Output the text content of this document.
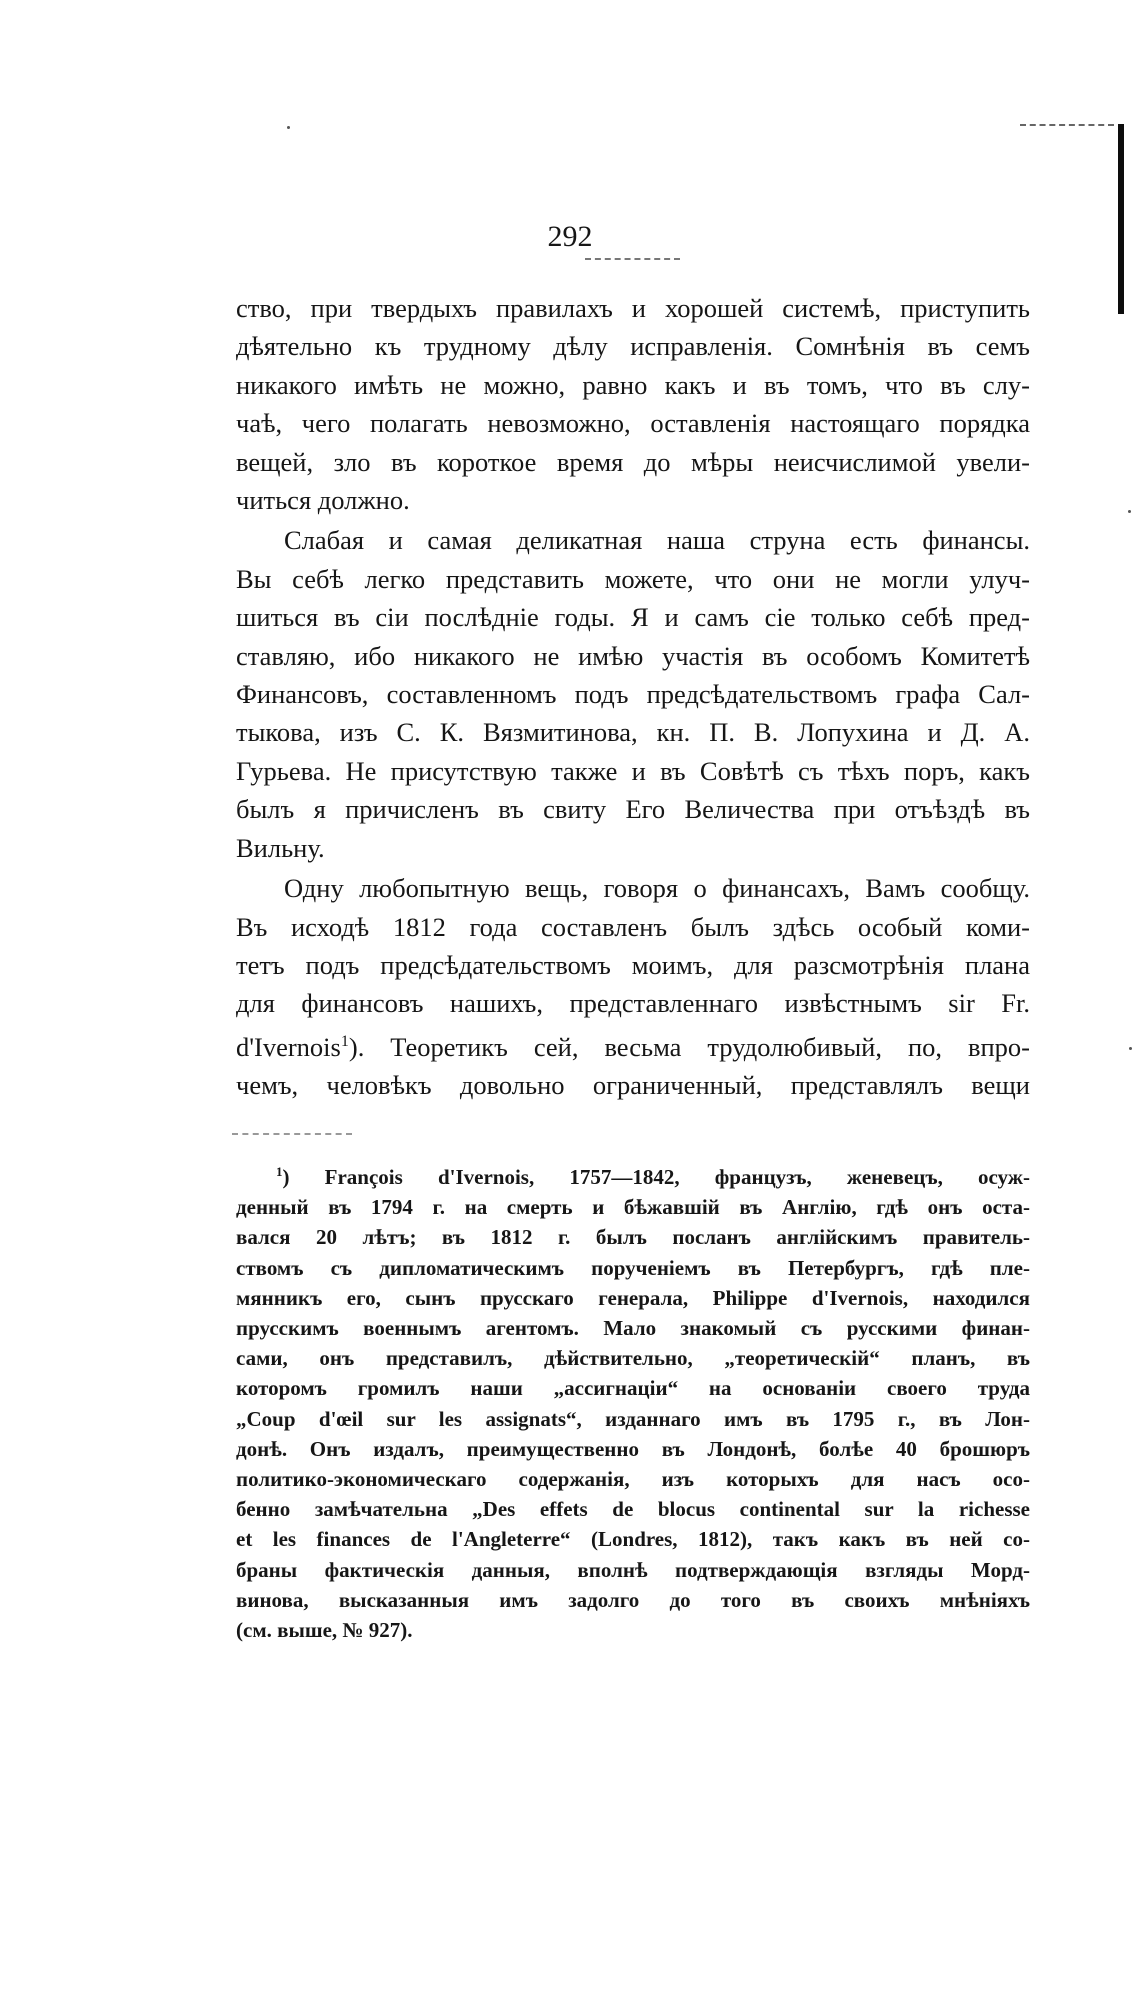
292
ство, при твердыхъ правилахъ и хорошей системѣ, приступить
дѣятельно къ трудному дѣлу исправленія. Сомнѣнія въ семъ
никакого имѣть не можно, равно какъ и въ томъ, что въ слу-
чаѣ, чего полагать невозможно, оставленія настоящаго порядка
вещей, зло въ короткое время до мѣры неисчислимой увели-
читься должно.
Слабая и самая деликатная наша струна есть финансы.
Вы себѣ легко представить можете, что они не могли улуч-
шиться въ сіи послѣдніе годы. Я и самъ сіе только себѣ пред-
ставляю, ибо никакого не имѣю участія въ особомъ Комитетѣ
Финансовъ, составленномъ подъ предсѣдательствомъ графа Сал-
тыкова, изъ С. К. Вязмитинова, кн. П. В. Лопухина и Д. А.
Гурьева. Не присутствую также и въ Совѣтѣ съ тѣхъ поръ, какъ
былъ я причисленъ въ свиту Его Величества при отъѣздѣ въ
Вильну.
Одну любопытную вещь, говоря о финансахъ, Вамъ сообщу.
Въ исходѣ 1812 года составленъ былъ здѣсь особый коми-
тетъ подъ предсѣдательствомъ моимъ, для разсмотрѣнія плана
для финансовъ нашихъ, представленнаго извѣстнымъ sir Fr.
d'Ivernois$^1$). Теоретикъ сей, весьма трудолюбивый, по, впро-
чемъ, человѣкъ довольно ограниченный, представлялъ вещи
$^1$) François d'Ivernois, 1757—1842, французъ, женевецъ, осуж-
денный въ 1794 г. на смерть и бѣжавшій въ Англію, гдѣ онъ оста-
вался 20 лѣтъ; въ 1812 г. былъ посланъ англійскимъ правитель-
ствомъ съ дипломатическимъ порученіемъ въ Петербургъ, гдѣ пле-
мянникъ его, сынъ прусскаго генерала, Philippe d'Ivernois, находился
прусскимъ военнымъ агентомъ. Мало знакомый съ русскими финан-
сами, онъ представилъ, дѣйствительно, „теоретическій“ планъ, въ
которомъ громилъ наши „ассигнаціи“ на основаніи своего труда
„Coup d'œil sur les assignats“, изданнаго имъ въ 1795 г., въ Лон-
донѣ. Онъ издалъ, преимущественно въ Лондонѣ, болѣе 40 брошюръ
политико-экономическаго содержанія, изъ которыхъ для насъ осо-
бенно замѣчательна „Des effets de blocus continental sur la richesse
et les finances de l'Angleterre“ (Londres, 1812), такъ какъ въ ней со-
браны фактическія данныя, вполнѣ подтверждающія взгляды Морд-
винова, высказанныя имъ задолго до того въ своихъ мнѣніяхъ
(см. выше, № 927).
